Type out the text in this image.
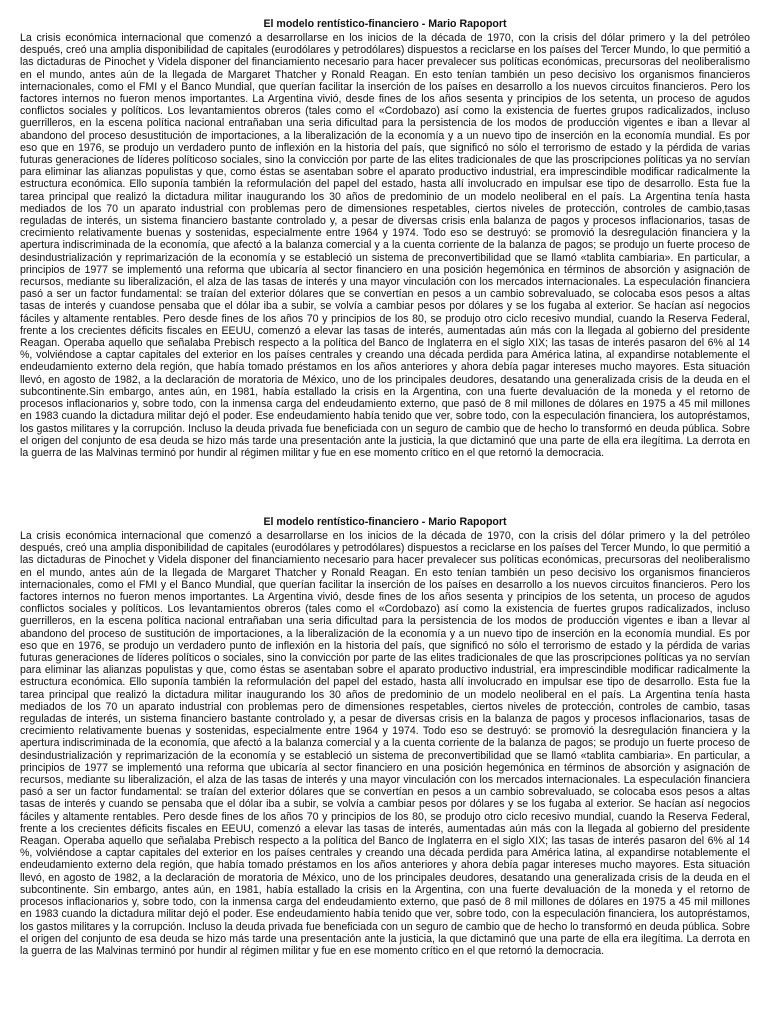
El modelo rentístico-financiero - Mario Rapoport

La crisis económica internacional que comenzó a desarrollarse en los inicios de la década de 1970, con la crisis del dólar primero y la del petróleo después, creó una amplia disponibilidad de capitales (eurodólares y petrodólares) dispuestos a reciclarse en los países del Tercer Mundo, lo que permitió a las dictaduras de Pinochet y Videla disponer del financiamiento necesario para hacer prevalecer sus políticas económicas, precursoras del neoliberalismo en el mundo, antes aún de la llegada de Margaret Thatcher y Ronald Reagan. En esto tenían también un peso decisivo los organismos financieros internacionales, como el FMI y el Banco Mundial, que querían facilitar la inserción de los países en desarrollo a los nuevos circuitos financieros. Pero los factores internos no fueron menos importantes. La Argentina vivió, desde fines de los años sesenta y principios de los setenta, un proceso de agudos conflictos sociales y políticos. Los levantamientos obreros (tales como el «Cordobazo) así como la existencia de fuertes grupos radicalizados, incluso guerrilleros, en la escena política nacional entrañaban una seria dificultad para la persistencia de los modos de producción vigentes e iban a llevar al abandono del proceso desustitución de importaciones, a la liberalización de la economía y a un nuevo tipo de inserción en la economía mundial. Es por eso que en 1976, se produjo un verdadero punto de inflexión en la historia del país, que significó no sólo el terrorismo de estado y la pérdida de varias futuras generaciones de líderes políticoso sociales, sino la convicción por parte de las elites tradicionales de que las proscripciones políticas ya no servían para eliminar las alianzas populistas y que, como éstas se asentaban sobre el aparato productivo industrial, era imprescindible modificar radicalmente la estructura económica. Ello suponía también la reformulación del papel del estado, hasta allí involucrado en impulsar ese tipo de desarrollo. Esta fue la tarea principal que realizó la dictadura militar inaugurando los 30 años de predominio de un modelo neoliberal en el país. La Argentina tenía hasta mediados de los 70 un aparato industrial con problemas pero de dimensiones respetables, ciertos niveles de protección, controles de cambio,tasas reguladas de interés, un sistema financiero bastante controlado y, a pesar de diversas crisis enla balanza de pagos y procesos inflacionarios, tasas de crecimiento relativamente buenas y sostenidas, especialmente entre 1964 y 1974. Todo eso se destruyó: se promovió la desregulación financiera y la apertura indiscriminada de la economía, que afectó a la balanza comercial y a la cuenta corriente de la balanza de pagos; se produjo un fuerte proceso de desindustrialización y reprimarización de la economía y se estableció un sistema de preconvertibilidad que se llamó «tablita cambiaria». En particular, a principios de 1977 se implementó una reforma que ubicaría al sector financiero en una posición hegemónica en términos de absorción y asignación de recursos, mediante su liberalización, el alza de las tasas de interés y una mayor vinculación con los mercados internacionales. La especulación financiera pasó a ser un factor fundamental: se traían del exterior dólares que se convertían en pesos a un cambio sobrevaluado, se colocaba esos pesos a altas tasas de interés y cuandose pensaba que el dólar iba a subir, se volvía a cambiar pesos por dólares y se los fugaba al exterior. Se hacían así negocios fáciles y altamente rentables. Pero desde fines de los años 70 y principios de los 80, se produjo otro ciclo recesivo mundial, cuando la Reserva Federal, frente a los crecientes déficits fiscales en EEUU, comenzó a elevar las tasas de interés, aumentadas aún más con la llegada al gobierno del presidente Reagan. Operaba aquello que señalaba Prebisch respecto a la política del Banco de Inglaterra en el siglo XIX; las tasas de interés pasaron del 6% al 14 %, volviéndose a captar capitales del exterior en los países centrales y creando una década perdida para América latina, al expandirse notablemente el endeudamiento externo dela región, que había tomado préstamos en los años anteriores y ahora debía pagar intereses mucho mayores. Esta situación llevó, en agosto de 1982, a la declaración de moratoria de México, uno de los principales deudores, desatando una generalizada crisis de la deuda en el subcontinente.Sin embargo, antes aún, en 1981, había estallado la crisis en la Argentina, con una fuerte devaluación de la moneda y el retorno de procesos inflacionarios y, sobre todo, con la inmensa carga del endeudamiento externo, que pasó de 8 mil millones de dólares en 1975 a 45 mil millones en 1983 cuando la dictadura militar dejó el poder. Ese endeudamiento había tenido que ver, sobre todo, con la especulación financiera, los autopréstamos, los gastos militares y la corrupción. Incluso la deuda privada fue beneficiada con un seguro de cambio que de hecho lo transformó en deuda pública. Sobre el origen del conjunto de esa deuda se hizo más tarde una presentación ante la justicia, la que dictaminó que una parte de ella era ilegítima. La derrota en la guerra de las Malvinas terminó por hundir al régimen militar y fue en ese momento crítico en el que retornó la democracia.

El modelo rentístico-financiero - Mario Rapoport

La crisis económica internacional que comenzó a desarrollarse en los inicios de la década de 1970, con la crisis del dólar primero y la del petróleo después, creó una amplia disponibilidad de capitales (eurodólares y petrodólares) dispuestos a reciclarse en los países del Tercer Mundo, lo que permitió a las dictaduras de Pinochet y Videla disponer del financiamiento necesario para hacer prevalecer sus políticas económicas, precursoras del neoliberalismo en el mundo, antes aún de la llegada de Margaret Thatcher y Ronald Reagan. En esto tenían también un peso decisivo los organismos financieros internacionales, como el FMI y el Banco Mundial, que querían facilitar la inserción de los países en desarrollo a los nuevos circuitos financieros. Pero los factores internos no fueron menos importantes. La Argentina vivió, desde fines de los años sesenta y principios de los setenta, un proceso de agudos conflictos sociales y políticos. Los levantamientos obreros (tales como el «Cordobazo) así como la existencia de fuertes grupos radicalizados, incluso guerrilleros, en la escena política nacional entrañaban una seria dificultad para la persistencia de los modos de producción vigentes e iban a llevar al abandono del proceso de sustitución de importaciones, a la liberalización de la economía y a un nuevo tipo de inserción en la economía mundial. Es por eso que en 1976, se produjo un verdadero punto de inflexión en la historia del país, que significó no sólo el terrorismo de estado y la pérdida de varias futuras generaciones de líderes políticos o sociales, sino la convicción por parte de las elites tradicionales de que las proscripciones políticas ya no servían para eliminar las alianzas populistas y que, como éstas se asentaban sobre el aparato productivo industrial, era imprescindible modificar radicalmente la estructura económica. Ello suponía también la reformulación del papel del estado, hasta allí involucrado en impulsar ese tipo de desarrollo. Esta fue la tarea principal que realizó la dictadura militar inaugurando los 30 años de predominio de un modelo neoliberal en el país. La Argentina tenía hasta mediados de los 70 un aparato industrial con problemas pero de dimensiones respetables, ciertos niveles de protección, controles de cambio, tasas reguladas de interés, un sistema financiero bastante controlado y, a pesar de diversas crisis en la balanza de pagos y procesos inflacionarios, tasas de crecimiento relativamente buenas y sostenidas, especialmente entre 1964 y 1974. Todo eso se destruyó: se promovió la desregulación financiera y la apertura indiscriminada de la economía, que afectó a la balanza comercial y a la cuenta corriente de la balanza de pagos; se produjo un fuerte proceso de desindustrialización y reprimarización de la economía y se estableció un sistema de preconvertibilidad que se llamó «tablita cambiaria». En particular, a principios de 1977 se implementó una reforma que ubicaría al sector financiero en una posición hegemónica en términos de absorción y asignación de recursos, mediante su liberalización, el alza de las tasas de interés y una mayor vinculación con los mercados internacionales. La especulación financiera pasó a ser un factor fundamental: se traían del exterior dólares que se convertían en pesos a un cambio sobrevaluado, se colocaba esos pesos a altas tasas de interés y cuando se pensaba que el dólar iba a subir, se volvía a cambiar pesos por dólares y se los fugaba al exterior. Se hacían así negocios fáciles y altamente rentables. Pero desde fines de los años 70 y principios de los 80, se produjo otro ciclo recesivo mundial, cuando la Reserva Federal, frente a los crecientes déficits fiscales en EEUU, comenzó a elevar las tasas de interés, aumentadas aún más con la llegada al gobierno del presidente Reagan. Operaba aquello que señalaba Prebisch respecto a la política del Banco de Inglaterra en el siglo XIX; las tasas de interés pasaron del 6% al 14 %, volviéndose a captar capitales del exterior en los países centrales y creando una década perdida para América latina, al expandirse notablemente el endeudamiento externo dela región, que había tomado préstamos en los años anteriores y ahora debía pagar intereses mucho mayores. Esta situación llevó, en agosto de 1982, a la declaración de moratoria de México, uno de los principales deudores, desatando una generalizada crisis de la deuda en el subcontinente. Sin embargo, antes aún, en 1981, había estallado la crisis en la Argentina, con una fuerte devaluación de la moneda y el retorno de procesos inflacionarios y, sobre todo, con la inmensa carga del endeudamiento externo, que pasó de 8 mil millones de dólares en 1975 a 45 mil millones en 1983 cuando la dictadura militar dejó el poder. Ese endeudamiento había tenido que ver, sobre todo, con la especulación financiera, los autopréstamos, los gastos militares y la corrupción. Incluso la deuda privada fue beneficiada con un seguro de cambio que de hecho lo transformó en deuda pública. Sobre el origen del conjunto de esa deuda se hizo más tarde una presentación ante la justicia, la que dictaminó que una parte de ella era ilegítima. La derrota en la guerra de las Malvinas terminó por hundir al régimen militar y fue en ese momento crítico en el que retornó la democracia.
